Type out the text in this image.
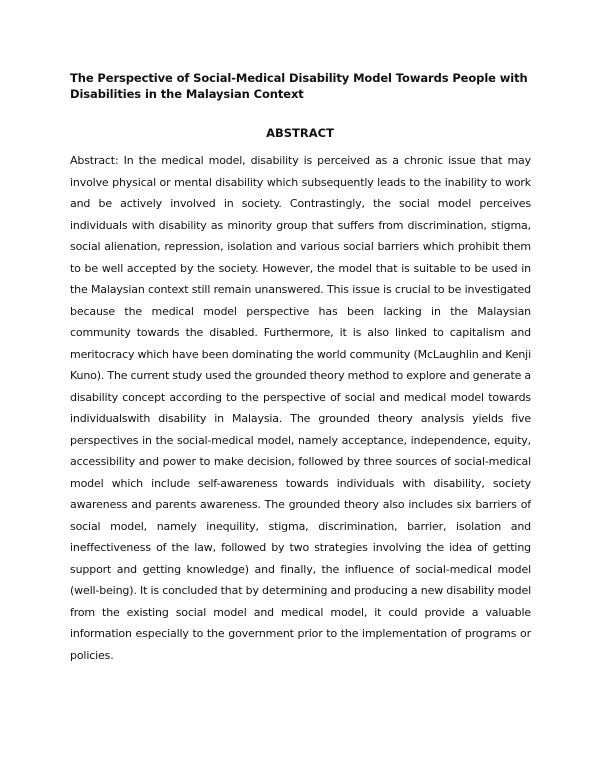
The Perspective of Social-Medical Disability Model Towards People with Disabilities in the Malaysian Context
ABSTRACT
Abstract: In the medical model, disability is perceived as a chronic issue that may involve physical or mental disability which subsequently leads to the inability to work and be actively involved in society. Contrastingly, the social model perceives individuals with disability as minority group that suffers from discrimination, stigma, social alienation, repression, isolation and various social barriers which prohibit them to be well accepted by the society. However, the model that is suitable to be used in the Malaysian context still remain unanswered. This issue is crucial to be investigated because the medical model perspective has been lacking in the Malaysian community towards the disabled. Furthermore, it is also linked to capitalism and meritocracy which have been dominating the world community (McLaughlin and Kenji Kuno). The current study used the grounded theory method to explore and generate a disability concept according to the perspective of social and medical model towards individualswith disability in Malaysia. The grounded theory analysis yields five perspectives in the social-medical model, namely acceptance, independence, equity, accessibility and power to make decision, followed by three sources of social-medical model which include self-awareness towards individuals with disability, society awareness and parents awareness. The grounded theory also includes six barriers of social model, namely inequility, stigma, discrimination, barrier, isolation and ineffectiveness of the law, followed by two strategies involving the idea of getting support and getting knowledge) and finally, the influence of social-medical model (well-being). It is concluded that by determining and producing a new disability model from the existing social model and medical model, it could provide a valuable information especially to the government prior to the implementation of programs or policies.
